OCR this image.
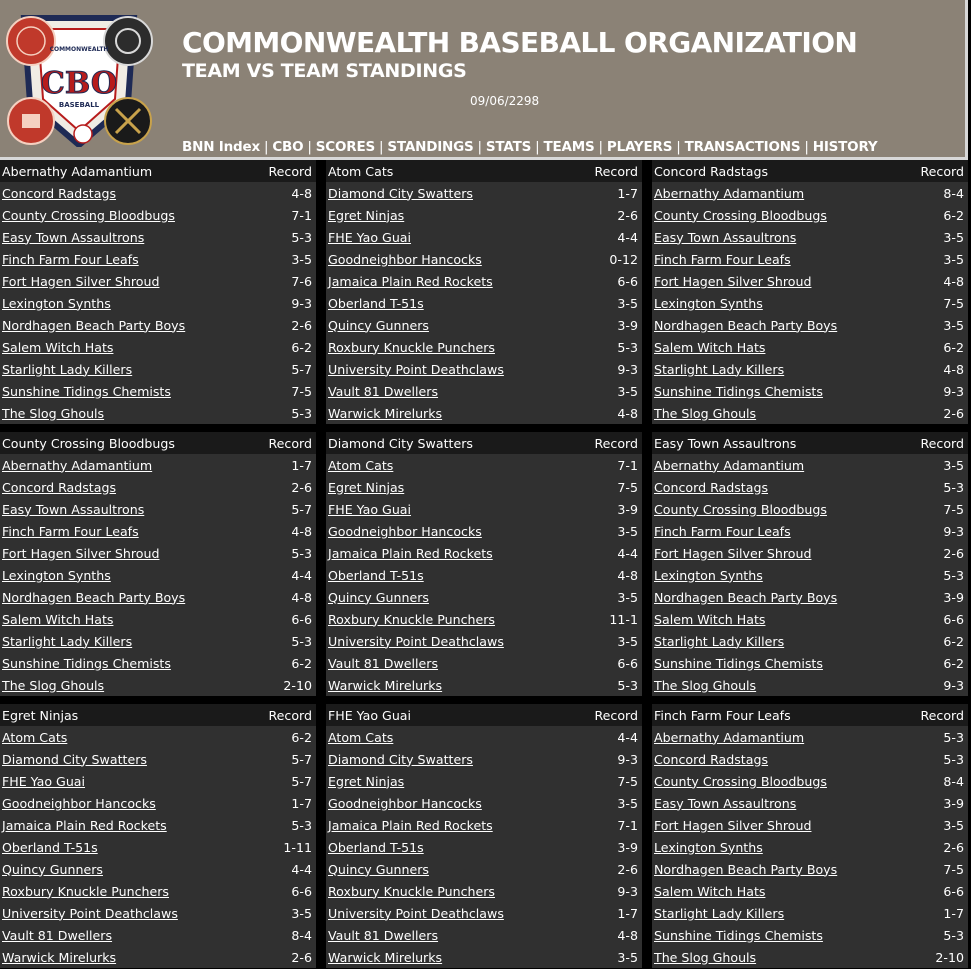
COMMONWEALTH
CBO
BASEBALL
COMMONWEALTH BASEBALL ORGANIZATION
TEAM VS TEAM STANDINGS
09/06/2298
BNN Index | CBO | SCORES | STANDINGS | STATS | TEAMS | PLAYERS | TRANSACTIONS | HISTORY
Abernathy Adamantium	Record
Concord Radstags	4-8
County Crossing Bloodbugs	7-1
Easy Town Assaultrons	5-3
Finch Farm Four Leafs	3-5
Fort Hagen Silver Shroud	7-6
Lexington Synths	9-3
Nordhagen Beach Party Boys	2-6
Salem Witch Hats	6-2
Starlight Lady Killers	5-7
Sunshine Tidings Chemists	7-5
The Slog Ghouls	5-3
Atom Cats	Record
Diamond City Swatters	1-7
Egret Ninjas	2-6
FHE Yao Guai	4-4
Goodneighbor Hancocks	0-12
Jamaica Plain Red Rockets	6-6
Oberland T-51s	3-5
Quincy Gunners	3-9
Roxbury Knuckle Punchers	5-3
University Point Deathclaws	9-3
Vault 81 Dwellers	3-5
Warwick Mirelurks	4-8
Concord Radstags	Record
Abernathy Adamantium	8-4
County Crossing Bloodbugs	6-2
Easy Town Assaultrons	3-5
Finch Farm Four Leafs	3-5
Fort Hagen Silver Shroud	4-8
Lexington Synths	7-5
Nordhagen Beach Party Boys	3-5
Salem Witch Hats	6-2
Starlight Lady Killers	4-8
Sunshine Tidings Chemists	9-3
The Slog Ghouls	2-6
County Crossing Bloodbugs	Record
Abernathy Adamantium	1-7
Concord Radstags	2-6
Easy Town Assaultrons	5-7
Finch Farm Four Leafs	4-8
Fort Hagen Silver Shroud	5-3
Lexington Synths	4-4
Nordhagen Beach Party Boys	4-8
Salem Witch Hats	6-6
Starlight Lady Killers	5-3
Sunshine Tidings Chemists	6-2
The Slog Ghouls	2-10
Diamond City Swatters	Record
Atom Cats	7-1
Egret Ninjas	7-5
FHE Yao Guai	3-9
Goodneighbor Hancocks	3-5
Jamaica Plain Red Rockets	4-4
Oberland T-51s	4-8
Quincy Gunners	3-5
Roxbury Knuckle Punchers	11-1
University Point Deathclaws	3-5
Vault 81 Dwellers	6-6
Warwick Mirelurks	5-3
Easy Town Assaultrons	Record
Abernathy Adamantium	3-5
Concord Radstags	5-3
County Crossing Bloodbugs	7-5
Finch Farm Four Leafs	9-3
Fort Hagen Silver Shroud	2-6
Lexington Synths	5-3
Nordhagen Beach Party Boys	3-9
Salem Witch Hats	6-6
Starlight Lady Killers	6-2
Sunshine Tidings Chemists	6-2
The Slog Ghouls	9-3
Egret Ninjas	Record
Atom Cats	6-2
Diamond City Swatters	5-7
FHE Yao Guai	5-7
Goodneighbor Hancocks	1-7
Jamaica Plain Red Rockets	5-3
Oberland T-51s	1-11
Quincy Gunners	4-4
Roxbury Knuckle Punchers	6-6
University Point Deathclaws	3-5
Vault 81 Dwellers	8-4
Warwick Mirelurks	2-6
FHE Yao Guai	Record
Atom Cats	4-4
Diamond City Swatters	9-3
Egret Ninjas	7-5
Goodneighbor Hancocks	3-5
Jamaica Plain Red Rockets	7-1
Oberland T-51s	3-9
Quincy Gunners	2-6
Roxbury Knuckle Punchers	9-3
University Point Deathclaws	1-7
Vault 81 Dwellers	4-8
Warwick Mirelurks	3-5
Finch Farm Four Leafs	Record
Abernathy Adamantium	5-3
Concord Radstags	5-3
County Crossing Bloodbugs	8-4
Easy Town Assaultrons	3-9
Fort Hagen Silver Shroud	3-5
Lexington Synths	2-6
Nordhagen Beach Party Boys	7-5
Salem Witch Hats	6-6
Starlight Lady Killers	1-7
Sunshine Tidings Chemists	5-3
The Slog Ghouls	2-10
